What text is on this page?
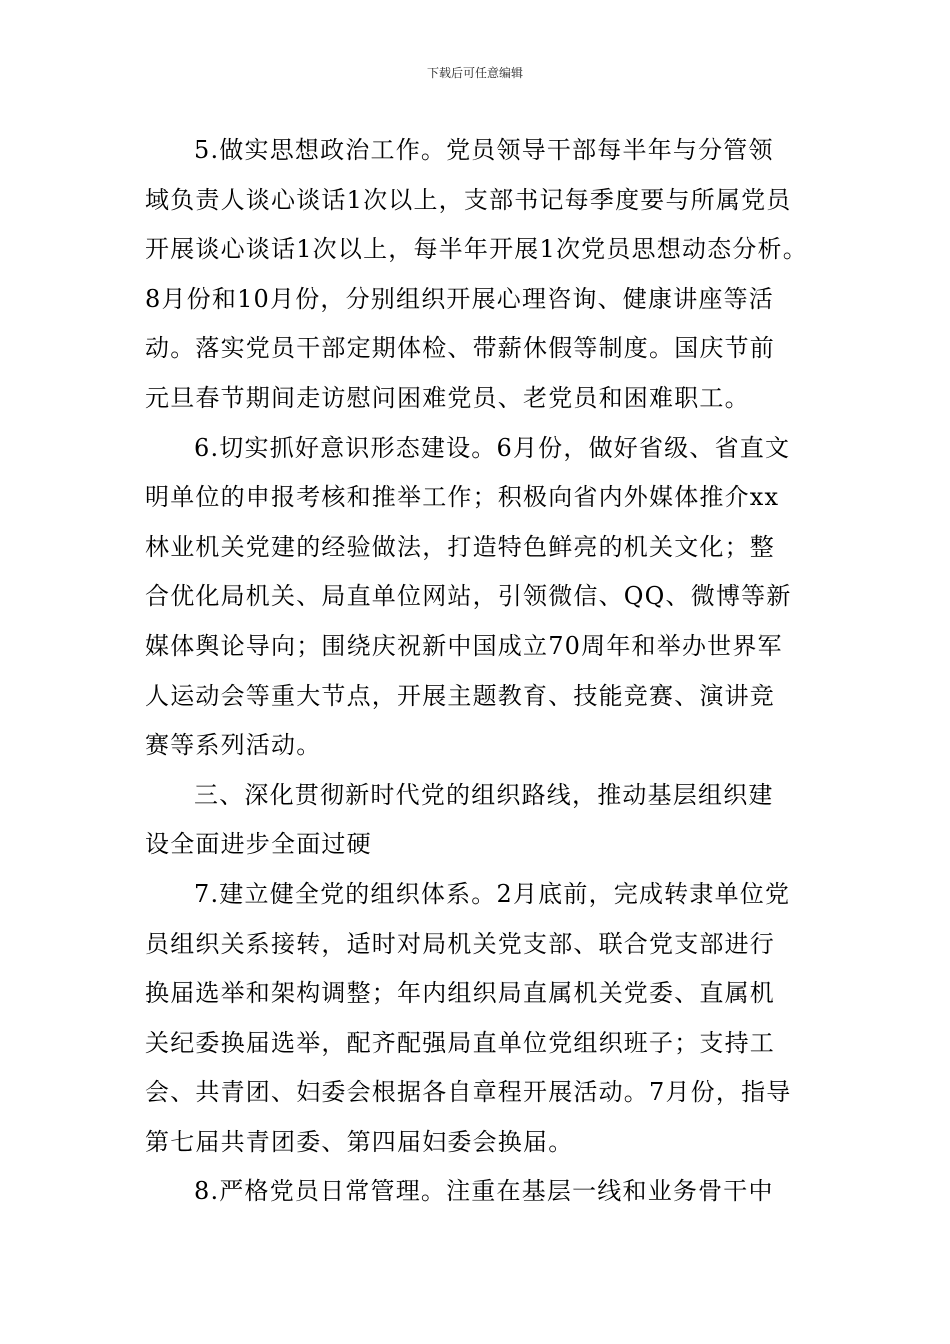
下载后可任意编辑

5.做实思想政治工作。党员领导干部每半年与分管领
域负责人谈心谈话1次以上，支部书记每季度要与所属党员
开展谈心谈话1次以上，每半年开展1次党员思想动态分析。
8月份和10月份，分别组织开展心理咨询、健康讲座等活
动。落实党员干部定期体检、带薪休假等制度。国庆节前
元旦春节期间走访慰问困难党员、老党员和困难职工。

6.切实抓好意识形态建设。6月份，做好省级、省直文
明单位的申报考核和推举工作；积极向省内外媒体推介xx
林业机关党建的经验做法，打造特色鲜亮的机关文化；整
合优化局机关、局直单位网站，引领微信、QQ、微博等新
媒体舆论导向；围绕庆祝新中国成立70周年和举办世界军
人运动会等重大节点，开展主题教育、技能竞赛、演讲竞
赛等系列活动。

三、深化贯彻新时代党的组织路线，推动基层组织建
设全面进步全面过硬

7.建立健全党的组织体系。2月底前，完成转隶单位党
员组织关系接转，适时对局机关党支部、联合党支部进行
换届选举和架构调整；年内组织局直属机关党委、直属机
关纪委换届选举，配齐配强局直单位党组织班子；支持工
会、共青团、妇委会根据各自章程开展活动。7月份，指导
第七届共青团委、第四届妇委会换届。

8.严格党员日常管理。注重在基层一线和业务骨干中
